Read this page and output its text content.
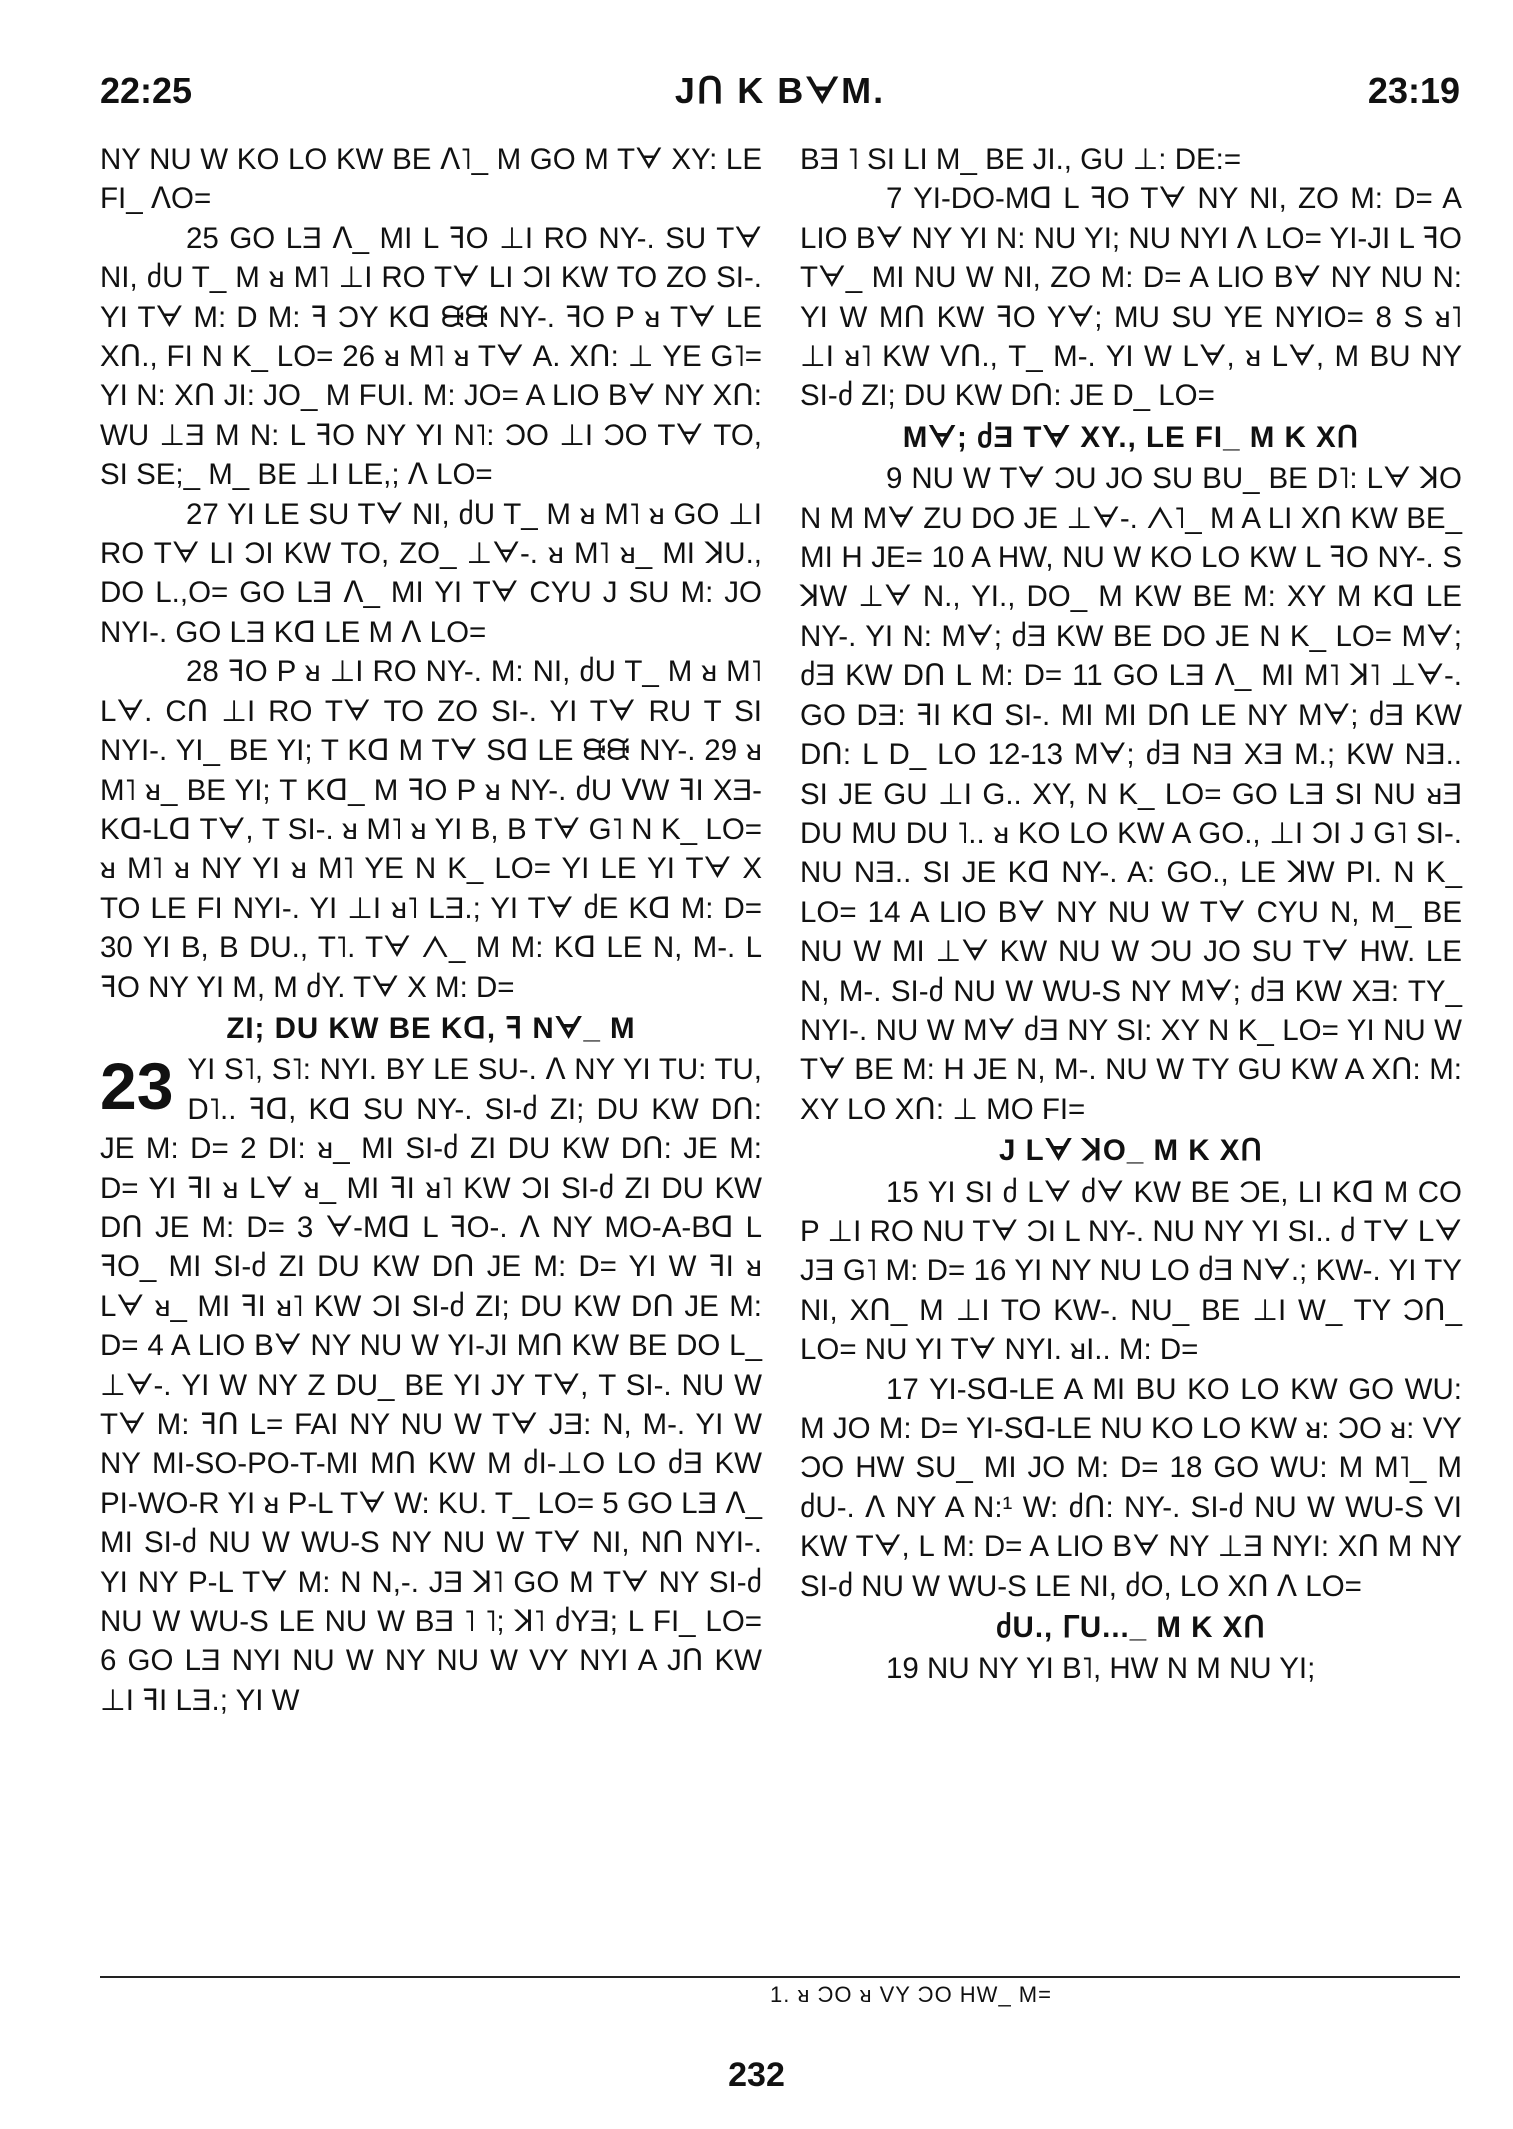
22:25	JՈ K BᗄM.	23:19

NY NU W KO LO KW BE ᐱ˥_ M GO M Tᗄ XY: LE FI_ ᐱO=

25 GO LƎ ᐱ_ MI L ꟻO ⊥I RO NY-. SU Tᗄ NI, ძU T_ M ᴚ M˥ ⊥I RO Tᗄ LI ƆI KW TO ZO SI-. YI Tᗄ M: D M: ꟻ ƆY Kᗡ ᙠᙠ NY-. ꟻO P ᴚ Tᗄ LE XՈ., FI N K_ LO= 26 ᴚ M˥ ᴚ Tᗄ A. XՈ: ⊥ YE G˥= YI N: XՈ JI: JO_ M FUI. M: JO= A LIO Bᗄ NY XՈ: WU ⊥Ǝ M N: L ꟻO NY YI N˥: ƆO ⊥I ƆO Tᗄ TO, SI SE;_ M_ BE ⊥I LE,; ᐱ LO=

27 YI LE SU Tᗄ NI, ძU T_ M ᴚ M˥ ᴚ GO ⊥I RO Tᗄ LI ƆI KW TO, ZO_ ⊥ᗄ-. ᴚ M˥ ᴚ_ MI ꓘU., DO L.,O= GO LƎ ᐱ_ MI YI Tᗄ CYU J SU M: JO NYI-. GO LƎ Kᗡ LE M ᐱ LO=

28 ꟻO P ᴚ ⊥I RO NY-. M: NI, ძU T_ M ᴚ M˥ Lᗄ. CՈ ⊥I RO Tᗄ TO ZO SI-. YI Tᗄ RU T SI NYI-. YI_ BE YI; T Kᗡ M Tᗄ Sᗡ LE ᙠᙠ NY-. 29 ᴚ M˥ ᴚ_ BE YI; T Kᗡ_ M ꟻO P ᴚ NY-. ძU ᐯW ꟻI XƎ-Kᗡ-Lᗡ Tᗄ, T SI-. ᴚ M˥ ᴚ YI B, B Tᗄ G˥ N K_ LO= ᴚ M˥ ᴚ NY YI ᴚ M˥ YE N K_ LO= YI LE YI Tᗄ X TO LE FI NYI-. YI ⊥I ᴚ˥ LƎ.; YI Tᗄ ძE Kᗡ M: D= 30 YI B, B DU., T˥. Tᗄ ᐱ_ M M: Kᗡ LE N, M-. L ꟻO NY YI M, M ძY. Tᗄ X M: D=

ZI; DU KW BE Kᗡ, ꟻ Nᗄ_ M

23 YI S˥, S˥: NYI. BY LE SU-. ᐱ NY YI TU: TU, D˥.. ꟻᗡ, Kᗡ SU NY-. SI-ძ ZI; DU KW DՈ: JE M: D= 2 DI: ᴚ_ MI SI-ძ ZI DU KW DՈ: JE M: D= YI ꟻI ᴚ Lᗄ ᴚ_ MI ꟻI ᴚ˥ KW ƆI SI-ძ ZI DU KW DՈ JE M: D= 3 ᗄ-Mᗡ L ꟻO-. ᐱ NY MO-A-Bᗡ L ꟻO_ MI SI-ძ ZI DU KW DՈ JE M: D= YI W ꟻI ᴚ Lᗄ ᴚ_ MI ꟻI ᴚ˥ KW ƆI SI-ძ ZI; DU KW DՈ JE M: D= 4 A LIO Bᗄ NY NU W YI-JI MՈ KW BE DO L_ ⊥ᗄ-. YI W NY Z DU_ BE YI JY Tᗄ, T SI-. NU W Tᗄ M: ꟻՈ L= FAI NY NU W Tᗄ JƎ: N, M-. YI W NY MI-SO-PO-T-MI MՈ KW M ძI-⊥O LO ძƎ KW PI-WO-R YI ᴚ P-L Tᗄ W: KU. T_ LO= 5 GO LƎ ᐱ_ MI SI-ძ NU W WU-S NY NU W Tᗄ NI, NՈ NYI-. YI NY P-L Tᗄ M: N N,-. JƎ ꓘ˥ GO M Tᗄ NY SI-ძ NU W WU-S LE NU W BƎ ˥ ˥; ꓘ˥ ძYƎ; L FI_ LO= 6 GO LƎ NYI NU W NY NU W VY NYI A JՈ KW ⊥I ꟻI LƎ.; YI W

BƎ ˥ SI LI M_ BE JI., GU ⊥: DE:=

7 YI-DO-Mᗡ L ꟻO Tᗄ NY NI, ZO M: D= A LIO Bᗄ NY YI N: NU YI; NU NYI ᐱ LO= YI-JI L ꟻO Tᗄ_ MI NU W NI, ZO M: D= A LIO Bᗄ NY NU N: YI W MՈ KW ꟻO Yᗄ; MU SU YE NYIO= 8 S ᴚ˥ ⊥I ᴚ˥ KW VՈ., T_ M-. YI W Lᗄ, ᴚ Lᗄ, M BU NY SI-ძ ZI; DU KW DՈ: JE D_ LO=

Mᗄ; ძƎ Tᗄ XY., LE FI_ M K XՈ

9 NU W Tᗄ ƆU JO SU BU_ BE D˥: Lᗄ ꓘO N M Mᗄ ZU DO JE ⊥ᗄ-. ᐱ˥_ M A LI XՈ KW BE_ MI H JE= 10 A HW, NU W KO LO KW L ꟻO NY-. S ꓘW ⊥ᗄ N., YI., DO_ M KW BE M: XY M Kᗡ LE NY-. YI N: Mᗄ; ძƎ KW BE DO JE N K_ LO= Mᗄ; ძƎ KW DՈ L M: D= 11 GO LƎ ᐱ_ MI M˥ ꓘ˥ ⊥ᗄ-. GO DƎ: ꟻI Kᗡ SI-. MI MI DՈ LE NY Mᗄ; ძƎ KW DՈ: L D_ LO 12-13 Mᗄ; ძƎ NƎ XƎ M.; KW NƎ.. SI JE GU ⊥I G.. XY, N K_ LO= GO LƎ SI NU ᴚƎ DU MU DU ˥.. ᴚ KO LO KW A GO., ⊥I ƆI J G˥ SI-. NU NƎ.. SI JE Kᗡ NY-. A: GO., LE ꓘW PI. N K_ LO= 14 A LIO Bᗄ NY NU W Tᗄ CYU N, M_ BE NU W MI ⊥ᗄ KW NU W ƆU JO SU Tᗄ HW. LE N, M-. SI-ძ NU W WU-S NY Mᗄ; ძƎ KW XƎ: TY_ NYI-. NU W Mᗄ ძƎ NY SI: XY N K_ LO= YI NU W Tᗄ BE M: H JE N, M-. NU W TY GU KW A XՈ: M: XY LO XՈ: ⊥ MO FI=

J Lᗄ ꓘO_ M K XՈ

15 YI SI ძ Lᗄ ძᗄ KW BE ƆE, LI Kᗡ M CO P ⊥I RO NU Tᗄ ƆI L NY-. NU NY YI SI.. ძ Tᗄ Lᗄ JƎ G˥ M: D= 16 YI NY NU LO ძƎ Nᗄ.; KW-. YI TY NI, XՈ_ M ⊥I TO KW-. NU_ BE ⊥I W_ TY ƆՈ_ LO= NU YI Tᗄ NYI. ᴚI.. M: D=

17 YI-Sᗡ-LE A MI BU KO LO KW GO WU: M JO M: D= YI-Sᗡ-LE NU KO LO KW ᴚ: ƆO ᴚ: VY ƆO HW SU_ MI JO M: D= 18 GO WU: M M˥_ M ძU-. ᐱ NY A N:¹ W: ძՈ: NY-. SI-ძ NU W WU-S VI KW Tᗄ, L M: D= A LIO Bᗄ NY ⊥Ǝ NYI: XՈ M NY SI-ძ NU W WU-S LE NI, ძO, LO XՈ ᐱ LO=

ძU., ᒥU..._ M K XՈ

19 NU NY YI B˥, HW N M NU YI;

1. ᴚ ƆO ᴚ VY ƆO HW_ M=
232
